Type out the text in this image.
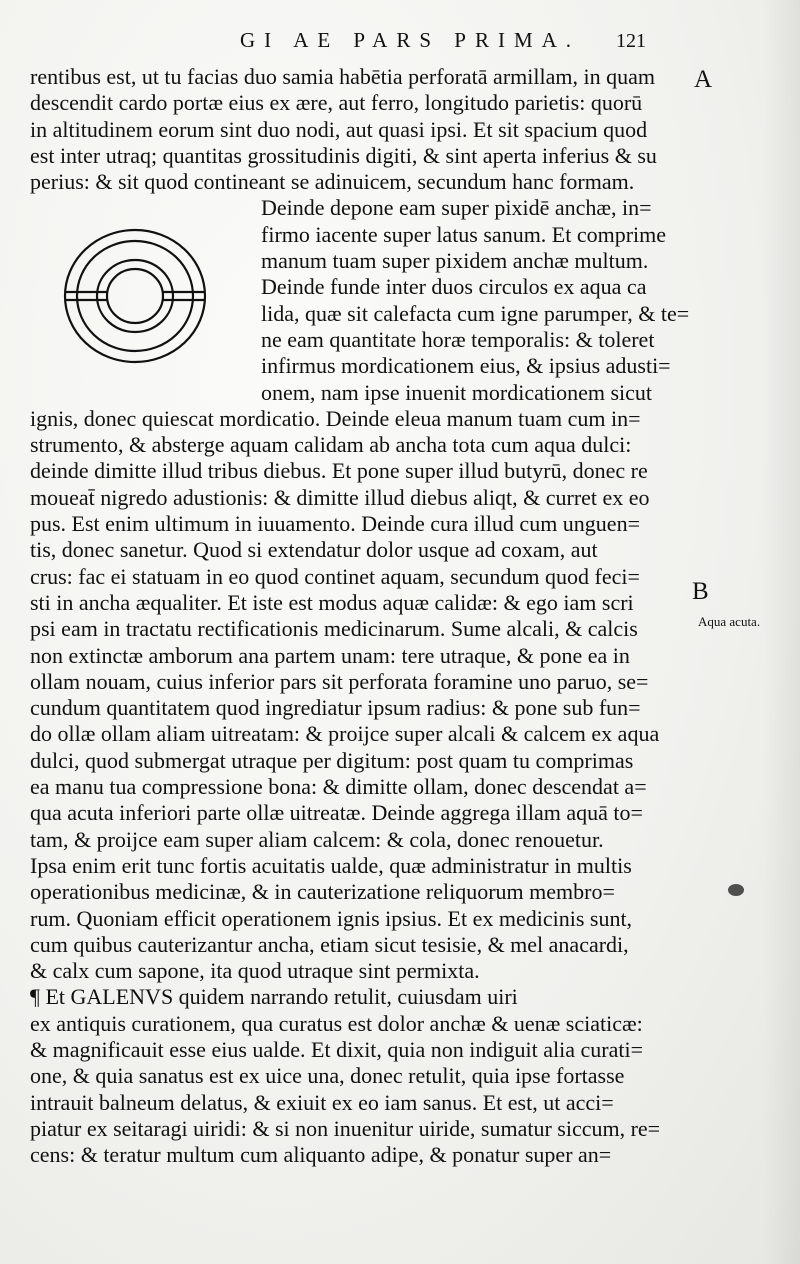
GI AE PARS PRIMA.	121
A
B
Aqua acuta.
rentibus est, ut tu facias duo samia habētia perforatā armillam, in quam
descendit cardo portæ eius ex ære, aut ferro, longitudo parietis: quorū
in altitudinem eorum sint duo nodi, aut quasi ipsi. Et sit spacium quod
est inter utraq; quantitas grossitudinis digiti, & sint aperta inferius & su
perius: & sit quod contineant se adinuicem, secundum hanc formam.
Deinde depone eam super pixidē anchæ, in=
firmo iacente super latus sanum. Et comprime
manum tuam super pixidem anchæ multum.
Deinde funde inter duos circulos ex aqua ca
lida, quæ sit calefacta cum igne parumper, & te=
ne eam quantitate horæ temporalis: & toleret
infirmus mordicationem eius, & ipsius adusti=
onem, nam ipse inuenit mordicationem sicut
ignis, donec quiescat mordicatio. Deinde eleua manum tuam cum in=
strumento, & absterge aquam calidam ab ancha tota cum aqua dulci:
deinde dimitte illud tribus diebus. Et pone super illud butyrū, donec re
moueat̄ nigredo adustionis: & dimitte illud diebus aliqt, & curret ex eo
pus. Est enim ultimum in iuuamento. Deinde cura illud cum unguen=
tis, donec sanetur. Quod si extendatur dolor usque ad coxam, aut
crus: fac ei statuam in eo quod continet aquam, secundum quod feci=
sti in ancha æqualiter. Et iste est modus aquæ calidæ: & ego iam scri
psi eam in tractatu rectificationis medicinarum. Sume alcali, & calcis
non extinctæ amborum ana partem unam: tere utraque, & pone ea in
ollam nouam, cuius inferior pars sit perforata foramine uno paruo, se=
cundum quantitatem quod ingrediatur ipsum radius: & pone sub fun=
do ollæ ollam aliam uitreatam: & proijce super alcali & calcem ex aqua
dulci, quod submergat utraque per digitum: post quam tu comprimas
ea manu tua compressione bona: & dimitte ollam, donec descendat a=
qua acuta inferiori parte ollæ uitreatæ. Deinde aggrega illam aquā to=
tam, & proijce eam super aliam calcem: & cola, donec renouetur.
Ipsa enim erit tunc fortis acuitatis ualde, quæ administratur in multis
operationibus medicinæ, & in cauterizatione reliquorum membro=
rum. Quoniam efficit operationem ignis ipsius. Et ex medicinis sunt,
cum quibus cauterizantur ancha, etiam sicut tesisie, & mel anacardi,
& calx cum sapone, ita quod utraque sint permixta.
¶ Et GALENVS quidem narrando retulit, cuiusdam uiri
ex antiquis curationem, qua curatus est dolor anchæ & uenæ sciaticæ:
& magnificauit esse eius ualde. Et dixit, quia non indiguit alia curati=
one, & quia sanatus est ex uice una, donec retulit, quia ipse fortasse
intrauit balneum delatus, & exiuit ex eo iam sanus. Et est, ut acci=
piatur ex seitaragi uiridi: & si non inuenitur uiride, sumatur siccum, re=
cens: & teratur multum cum aliquanto adipe, & ponatur super an=
